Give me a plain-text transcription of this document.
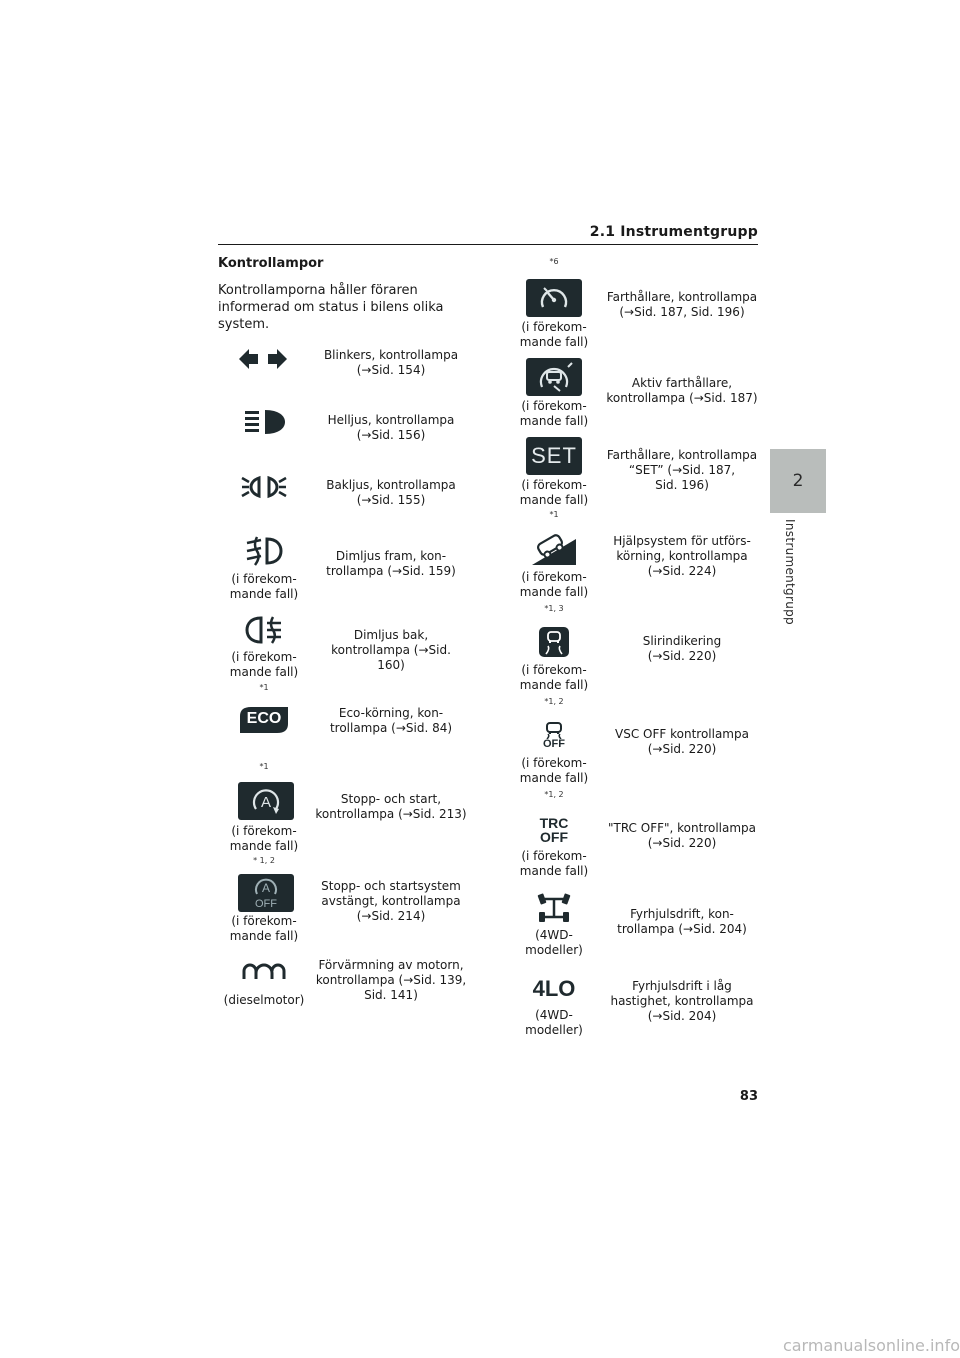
2.1 Instrumentgrupp
2
Instrumentgrupp
Kontrollampor
Kontrollamporna håller föraren informerad om status i bilens olika system.
Blinkers, kontrollampa (→Sid. 154)
Helljus, kontrollampa (→Sid. 156)
Bakljus, kontrollampa (→Sid. 155)
(i förekom-
mande fall)
Dimljus fram, kon-
trollampa (→Sid. 159)
(i förekom-
mande fall)
Dimljus bak, kontrollampa (→Sid. 160)
*1
ECO	Eco-körning, kon-
trollampa (→Sid. 84)
*1
A
(i förekom-
mande fall)
Stopp- och start,
kontrollampa (→Sid. 213)
* 1, 2
A
OFF
(i förekom-
mande fall)
Stopp- och startsystem
avstängt, kontrollampa
(→Sid. 214)
(dieselmotor)
Förvärmning av motorn,
kontrollampa (→Sid. 139,
Sid. 141)
*6
(i förekom-
mande fall)
Farthållare, kontrollampa
(→Sid. 187, Sid. 196)
(i förekom-
mande fall)
Aktiv farthållare,
kontrollampa (→Sid. 187)
SET
(i förekom-
mande fall)
Farthållare, kontrollampa
“SET” (→Sid. 187,
Sid. 196)
*1
(i förekom-
mande fall)
Hjälpsystem för utförs-
körning, kontrollampa
(→Sid. 224)
*1, 3
(i förekom-
mande fall)
Slirindikering
(→Sid. 220)
*1, 2
OFF
(i förekom-
mande fall)
VSC OFF kontrollampa
(→Sid. 220)
*1, 2
TRC
OFF
(i förekom-
mande fall)
"TRC OFF", kontrollampa
(→Sid. 220)
(4WD-
modeller)
Fyrhjulsdrift, kon-
trollampa (→Sid. 204)
4LO
(4WD-
modeller)
Fyrhjulsdrift i låg
hastighet, kontrollampa
(→Sid. 204)
83
carmanualsonline.info
